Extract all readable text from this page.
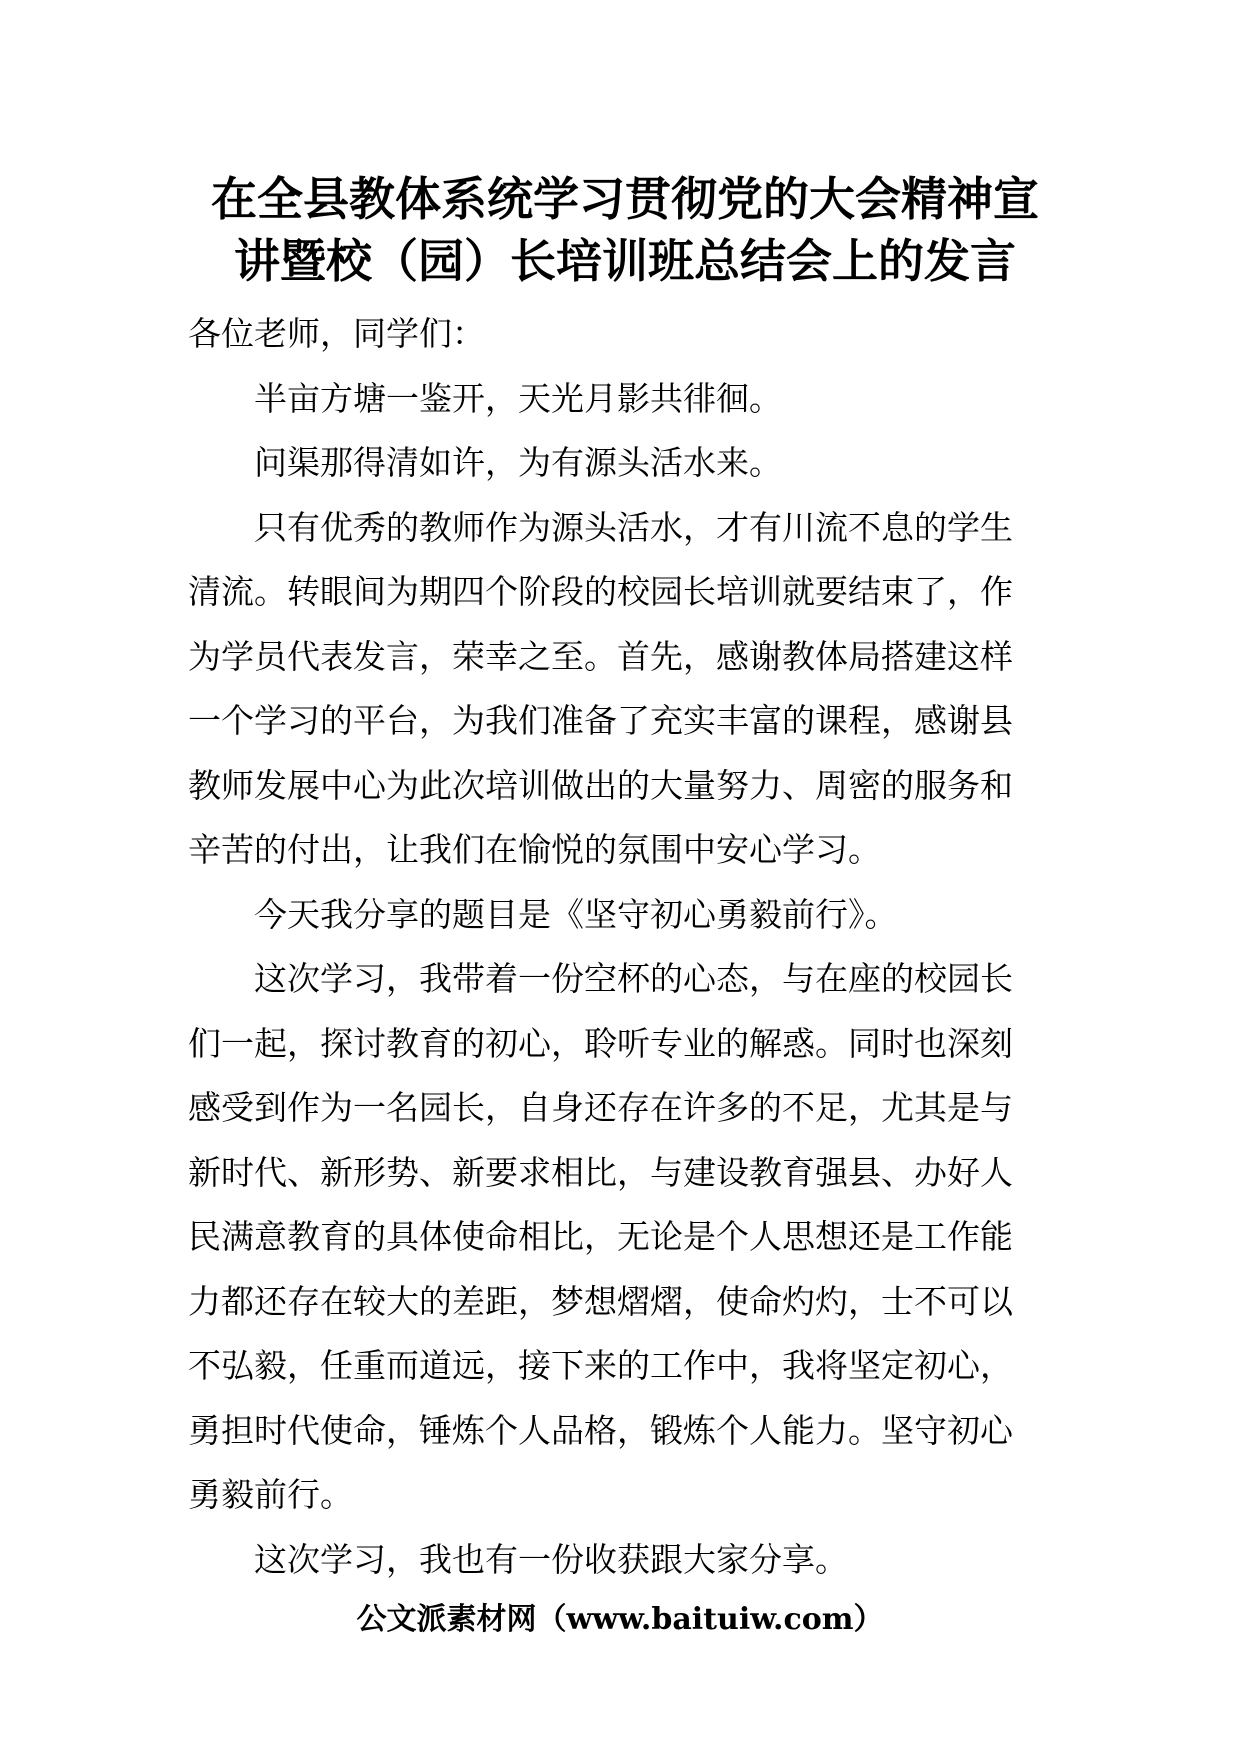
在全县教体系统学习贯彻党的大会精神宣
讲暨校（园）长培训班总结会上的发言

各位老师，同学们：

半亩方塘一鉴开，天光月影共徘徊。

问渠那得清如许，为有源头活水来。

只有优秀的教师作为源头活水，才有川流不息的学生
清流。转眼间为期四个阶段的校园长培训就要结束了，作
为学员代表发言，荣幸之至。首先，感谢教体局搭建这样
一个学习的平台，为我们准备了充实丰富的课程，感谢县
教师发展中心为此次培训做出的大量努力、周密的服务和
辛苦的付出，让我们在愉悦的氛围中安心学习。

今天我分享的题目是《坚守初心勇毅前行》。

这次学习，我带着一份空杯的心态，与在座的校园长
们一起，探讨教育的初心，聆听专业的解惑。同时也深刻
感受到作为一名园长，自身还存在许多的不足，尤其是与
新时代、新形势、新要求相比，与建设教育强县、办好人
民满意教育的具体使命相比，无论是个人思想还是工作能
力都还存在较大的差距，梦想熠熠，使命灼灼，士不可以
不弘毅，任重而道远，接下来的工作中，我将坚定初心，
勇担时代使命，锤炼个人品格，锻炼个人能力。坚守初心
勇毅前行。

这次学习，我也有一份收获跟大家分享。

公文派素材网（www.baituiw.com）
